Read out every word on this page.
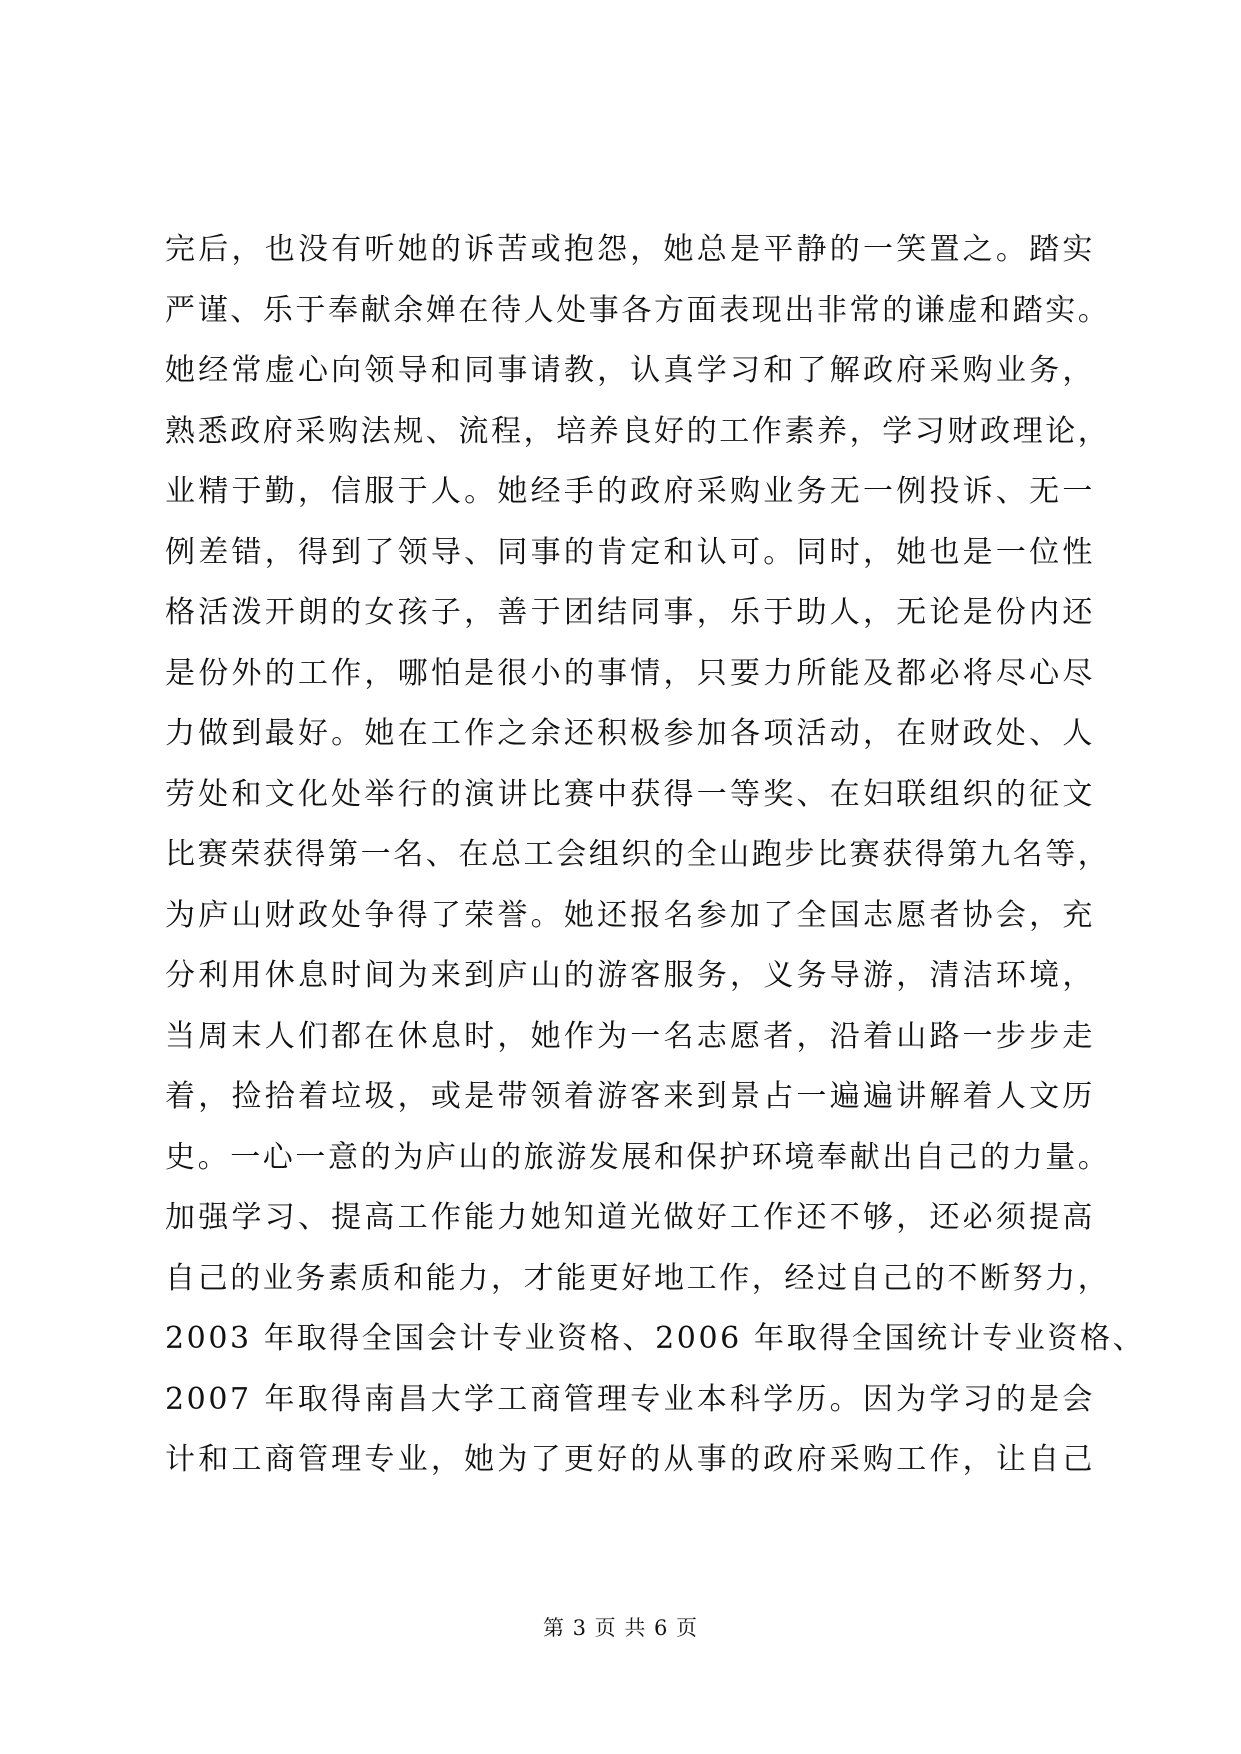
完后，也没有听她的诉苦或抱怨，她总是平静的一笑置之。踏实
严谨、乐于奉献余婵在待人处事各方面表现出非常的谦虚和踏实。
她经常虚心向领导和同事请教，认真学习和了解政府采购业务，
熟悉政府采购法规、流程，培养良好的工作素养，学习财政理论，
业精于勤，信服于人。她经手的政府采购业务无一例投诉、无一
例差错，得到了领导、同事的肯定和认可。同时，她也是一位性
格活泼开朗的女孩子，善于团结同事，乐于助人，无论是份内还
是份外的工作，哪怕是很小的事情，只要力所能及都必将尽心尽
力做到最好。她在工作之余还积极参加各项活动，在财政处、人
劳处和文化处举行的演讲比赛中获得一等奖、在妇联组织的征文
比赛荣获得第一名、在总工会组织的全山跑步比赛获得第九名等，
为庐山财政处争得了荣誉。她还报名参加了全国志愿者协会，充
分利用休息时间为来到庐山的游客服务，义务导游，清洁环境，
当周末人们都在休息时，她作为一名志愿者，沿着山路一步步走
着，捡拾着垃圾，或是带领着游客来到景占一遍遍讲解着人文历
史。一心一意的为庐山的旅游发展和保护环境奉献出自己的力量。
加强学习、提高工作能力她知道光做好工作还不够，还必须提高
自己的业务素质和能力，才能更好地工作，经过自己的不断努力，
2003 年取得全国会计专业资格、2006 年取得全国统计专业资格、
2007 年取得南昌大学工商管理专业本科学历。因为学习的是会
计和工商管理专业，她为了更好的从事的政府采购工作，让自己
第 3 页 共 6 页
